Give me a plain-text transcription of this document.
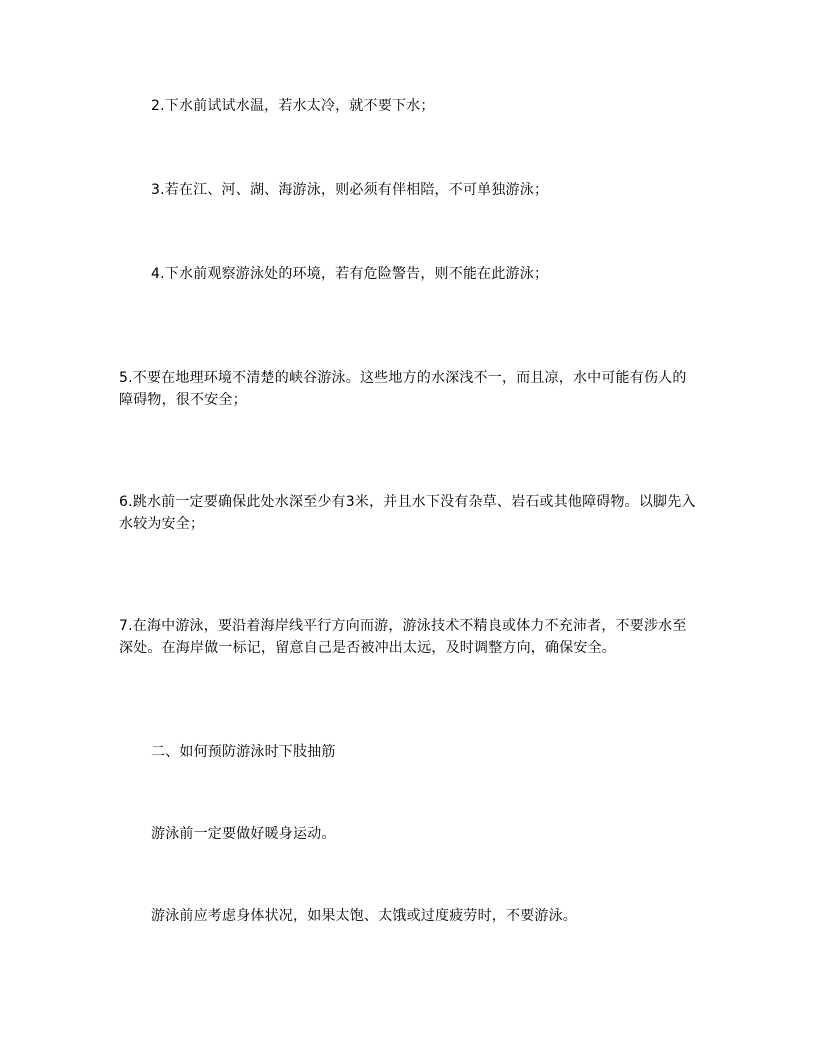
2.下水前试试水温，若水太冷，就不要下水；

3.若在江、河、湖、海游泳，则必须有伴相陪，不可单独游泳；

4.下水前观察游泳处的环境，若有危险警告，则不能在此游泳；

5.不要在地理环境不清楚的峡谷游泳。这些地方的水深浅不一，而且凉，水中可能有伤人的障碍物，很不安全；

6.跳水前一定要确保此处水深至少有3米，并且水下没有杂草、岩石或其他障碍物。以脚先入水较为安全；

7.在海中游泳，要沿着海岸线平行方向而游，游泳技术不精良或体力不充沛者，不要涉水至深处。在海岸做一标记，留意自己是否被冲出太远，及时调整方向，确保安全。

二、如何预防游泳时下肢抽筋

游泳前一定要做好暖身运动。

游泳前应考虑身体状况，如果太饱、太饿或过度疲劳时，不要游泳。
